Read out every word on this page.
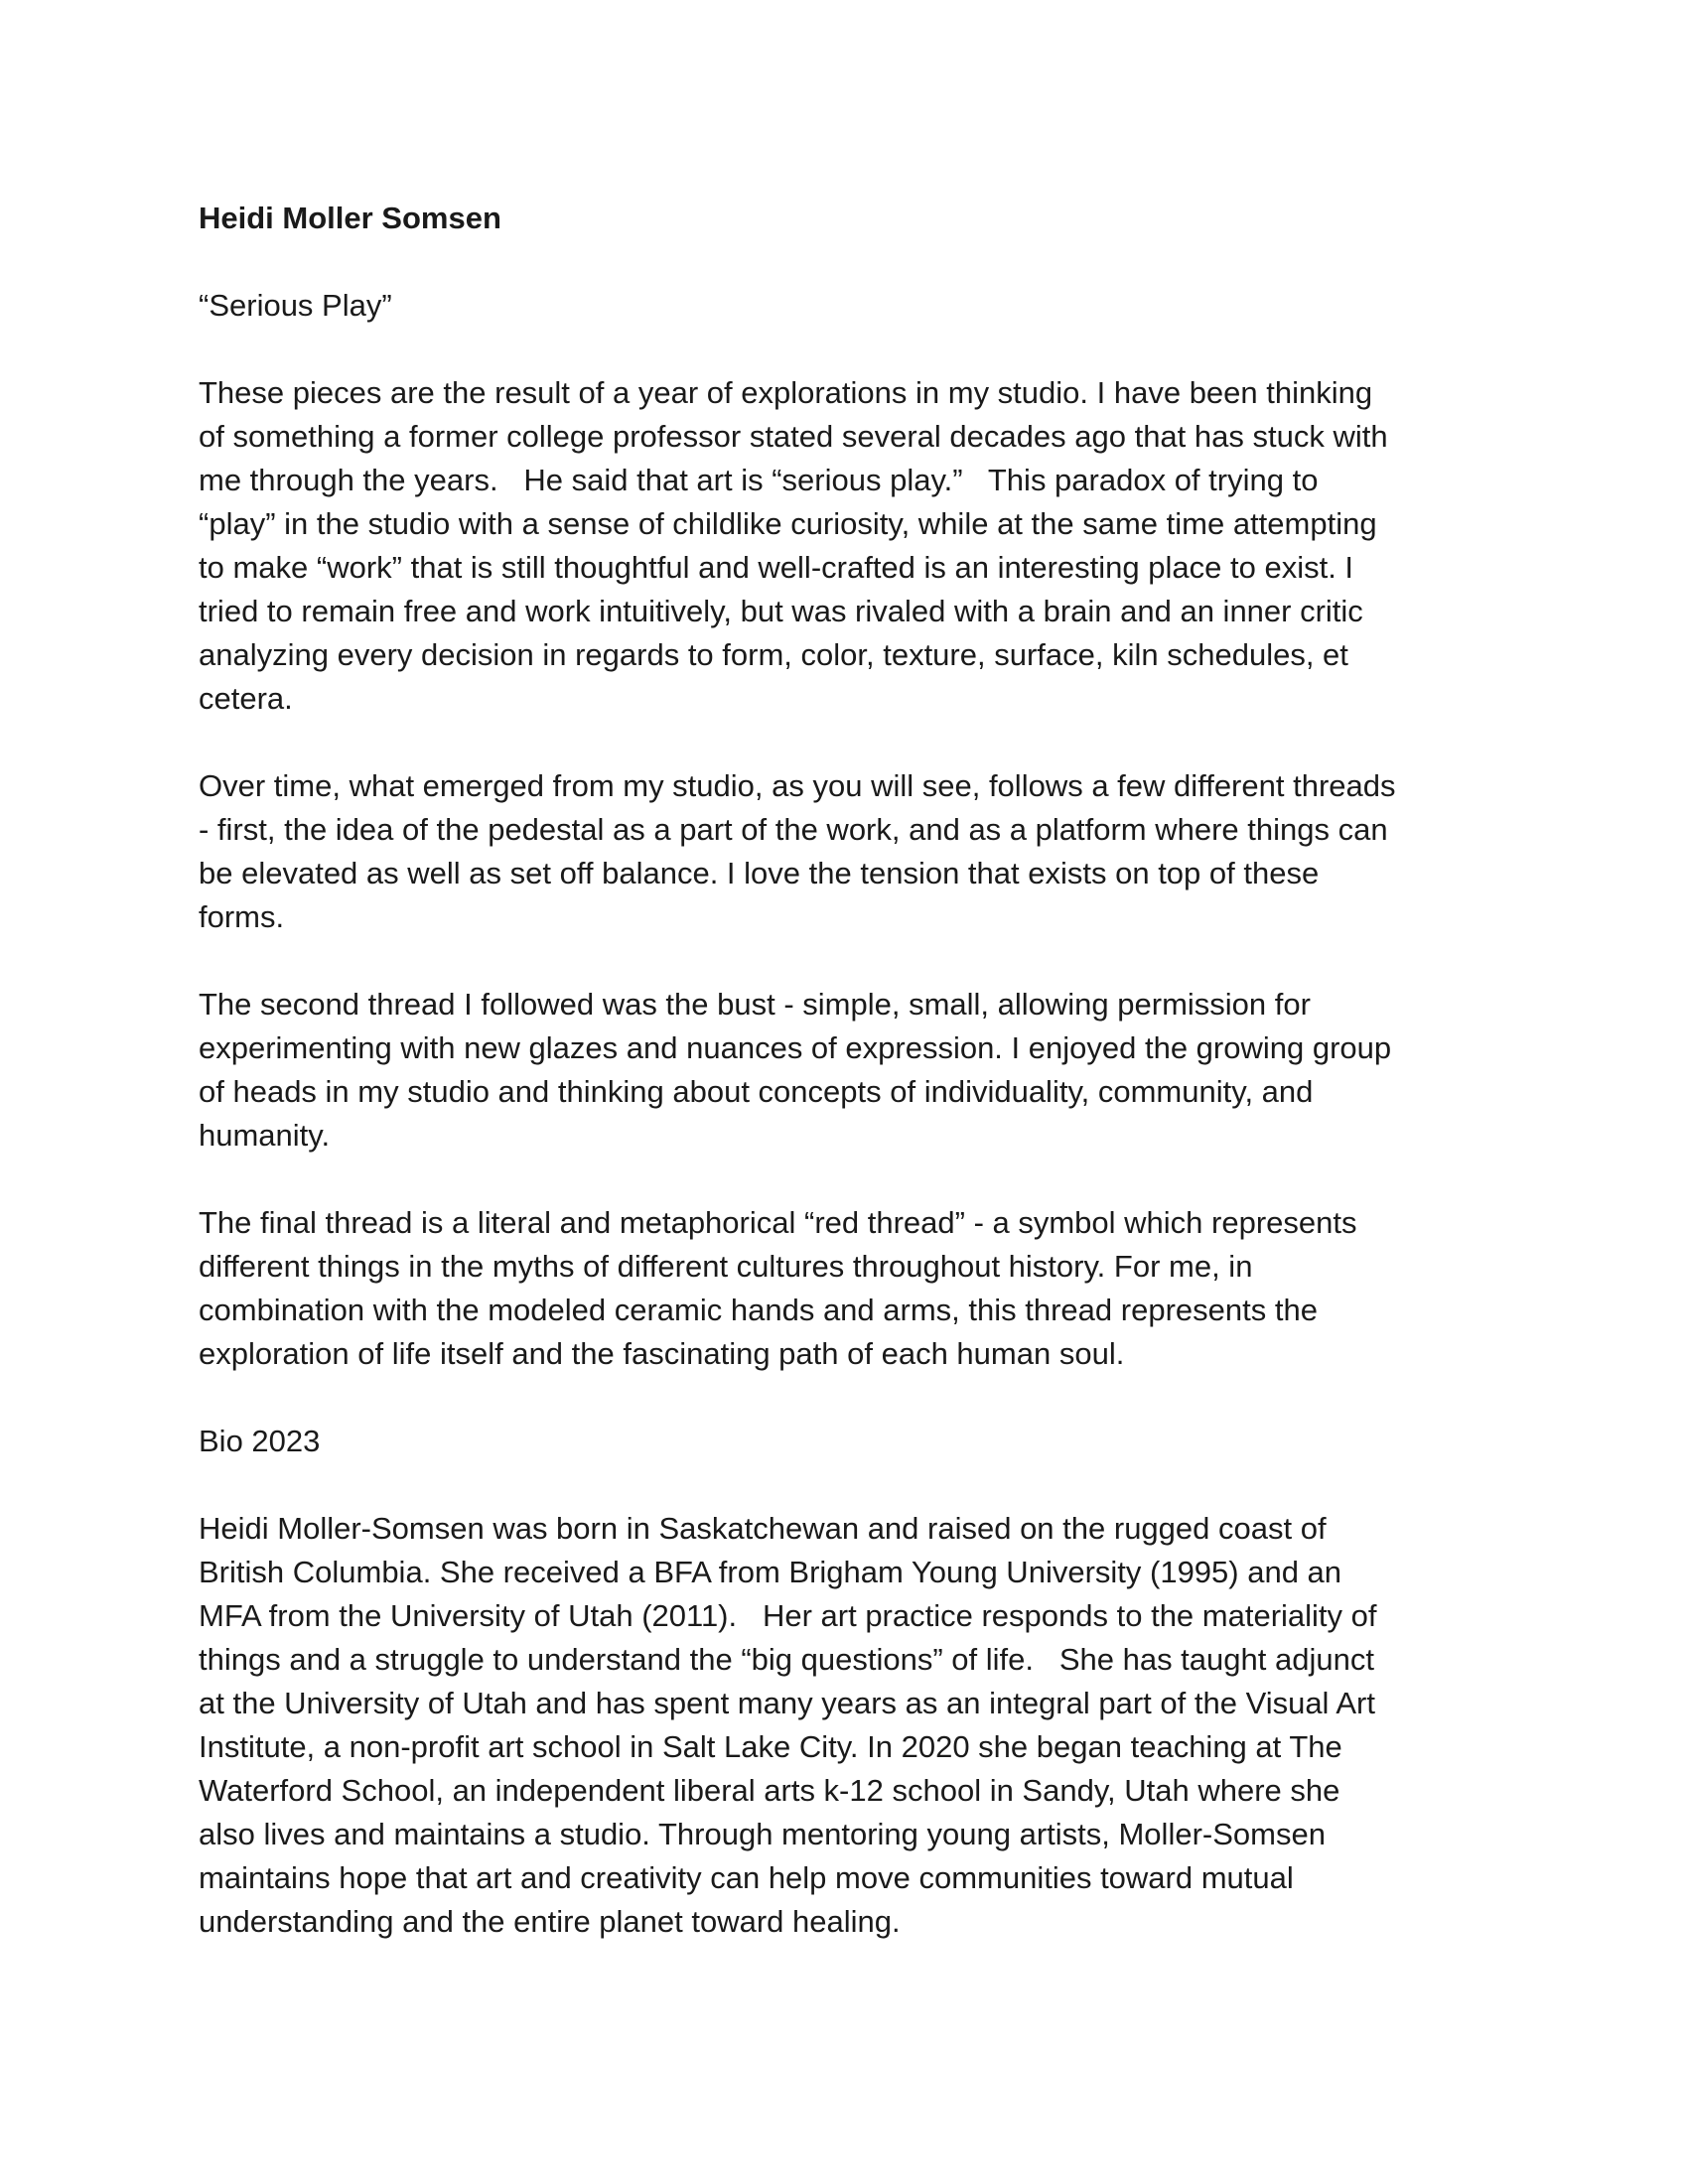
Heidi Moller Somsen
“Serious Play”
These pieces are the result of a year of explorations in my studio. I have been thinking
of something a former college professor stated several decades ago that has stuck with
me through the years.   He said that art is “serious play.”   This paradox of trying to
“play” in the studio with a sense of childlike curiosity, while at the same time attempting
to make “work” that is still thoughtful and well-crafted is an interesting place to exist. I
tried to remain free and work intuitively, but was rivaled with a brain and an inner critic
analyzing every decision in regards to form, color, texture, surface, kiln schedules, et
cetera.
Over time, what emerged from my studio, as you will see, follows a few different threads
- first, the idea of the pedestal as a part of the work, and as a platform where things can
be elevated as well as set off balance. I love the tension that exists on top of these
forms.
The second thread I followed was the bust - simple, small, allowing permission for
experimenting with new glazes and nuances of expression. I enjoyed the growing group
of heads in my studio and thinking about concepts of individuality, community, and
humanity.
The final thread is a literal and metaphorical “red thread” - a symbol which represents
different things in the myths of different cultures throughout history. For me, in
combination with the modeled ceramic hands and arms, this thread represents the
exploration of life itself and the fascinating path of each human soul.
Bio 2023
Heidi Moller-Somsen was born in Saskatchewan and raised on the rugged coast of
British Columbia. She received a BFA from Brigham Young University (1995) and an
MFA from the University of Utah (2011).   Her art practice responds to the materiality of
things and a struggle to understand the “big questions” of life.   She has taught adjunct
at the University of Utah and has spent many years as an integral part of the Visual Art
Institute, a non-profit art school in Salt Lake City. In 2020 she began teaching at The
Waterford School, an independent liberal arts k-12 school in Sandy, Utah where she
also lives and maintains a studio. Through mentoring young artists, Moller-Somsen
maintains hope that art and creativity can help move communities toward mutual
understanding and the entire planet toward healing.
